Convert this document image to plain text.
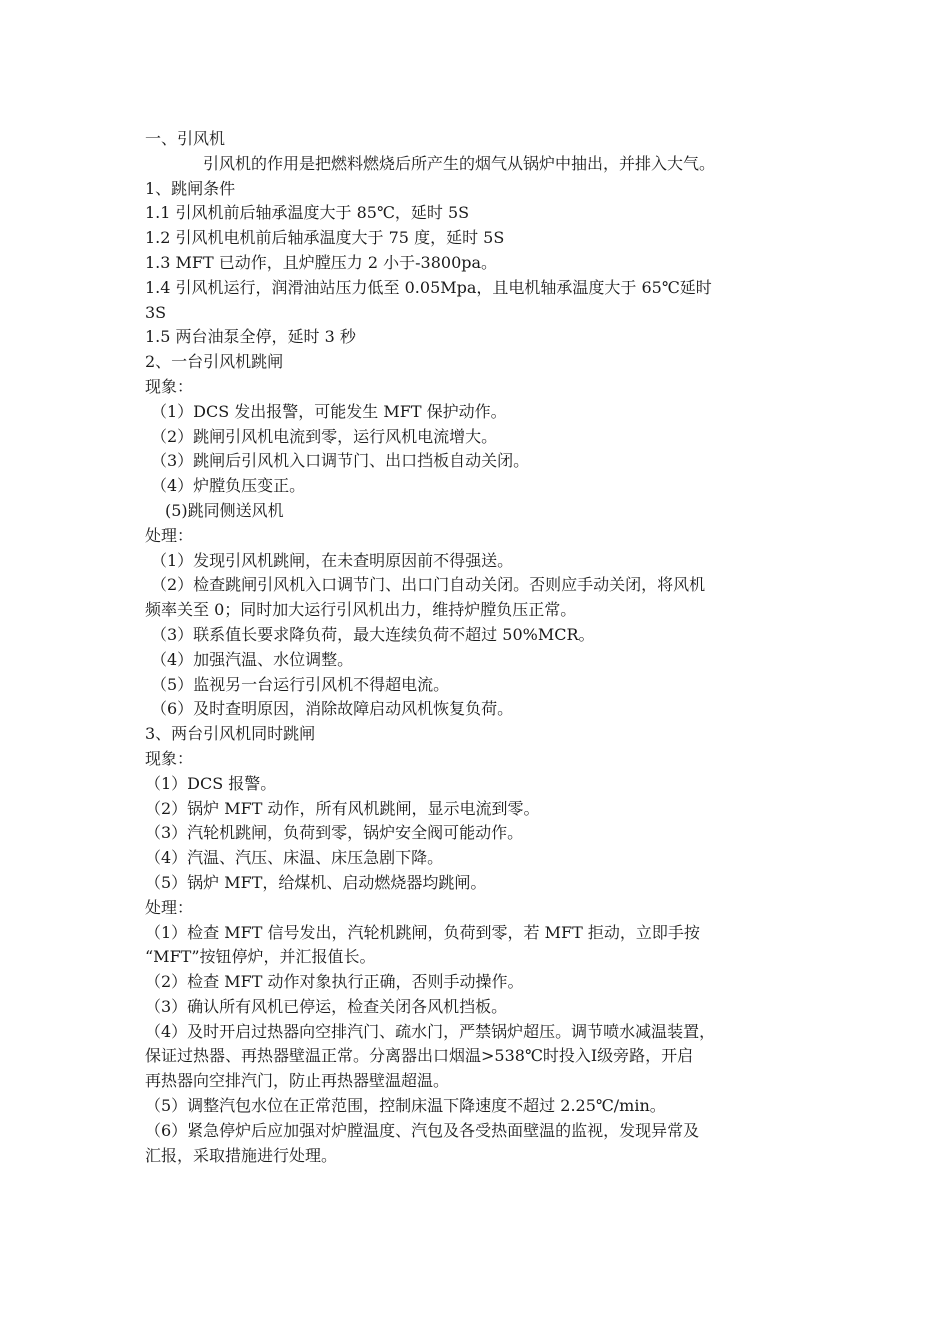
一、引风机
引风机的作用是把燃料燃烧后所产生的烟气从锅炉中抽出，并排入大气。
1、跳闸条件
1.1 引风机前后轴承温度大于 85℃，延时 5S
1.2 引风机电机前后轴承温度大于 75 度，延时 5S
1.3 MFT 已动作，且炉膛压力 2 小于-3800pa。
1.4 引风机运行，润滑油站压力低至 0.05Mpa，且电机轴承温度大于 65℃延时
3S
1.5 两台油泵全停，延时 3 秒
2、一台引风机跳闸
现象：
（1）DCS 发出报警，可能发生 MFT 保护动作。
（2）跳闸引风机电流到零，运行风机电流增大。
（3）跳闸后引风机入口调节门、出口挡板自动关闭。
（4）炉膛负压变正。
(5)跳同侧送风机
处理：
（1）发现引风机跳闸，在未查明原因前不得强送。
（2）检查跳闸引风机入口调节门、出口门自动关闭。否则应手动关闭，将风机
频率关至 0；同时加大运行引风机出力，维持炉膛负压正常。
（3）联系值长要求降负荷，最大连续负荷不超过 50%MCR。
（4）加强汽温、水位调整。
（5）监视另一台运行引风机不得超电流。
（6）及时查明原因，消除故障启动风机恢复负荷。
3、两台引风机同时跳闸
现象：
（1）DCS 报警。
（2）锅炉 MFT 动作，所有风机跳闸，显示电流到零。
（3）汽轮机跳闸，负荷到零，锅炉安全阀可能动作。
（4）汽温、汽压、床温、床压急剧下降。
（5）锅炉 MFT，给煤机、启动燃烧器均跳闸。
处理：
（1）检查 MFT 信号发出，汽轮机跳闸，负荷到零，若 MFT 拒动，立即手按
“MFT”按钮停炉，并汇报值长。
（2）检查 MFT 动作对象执行正确，否则手动操作。
（3）确认所有风机已停运，检查关闭各风机挡板。
（4）及时开启过热器向空排汽门、疏水门，严禁锅炉超压。调节喷水减温装置，
保证过热器、再热器壁温正常。分离器出口烟温>538℃时投入Ⅰ级旁路，开启
再热器向空排汽门，防止再热器壁温超温。
（5）调整汽包水位在正常范围，控制床温下降速度不超过 2.25℃/min。
（6）紧急停炉后应加强对炉膛温度、汽包及各受热面壁温的监视，发现异常及
汇报，采取措施进行处理。
